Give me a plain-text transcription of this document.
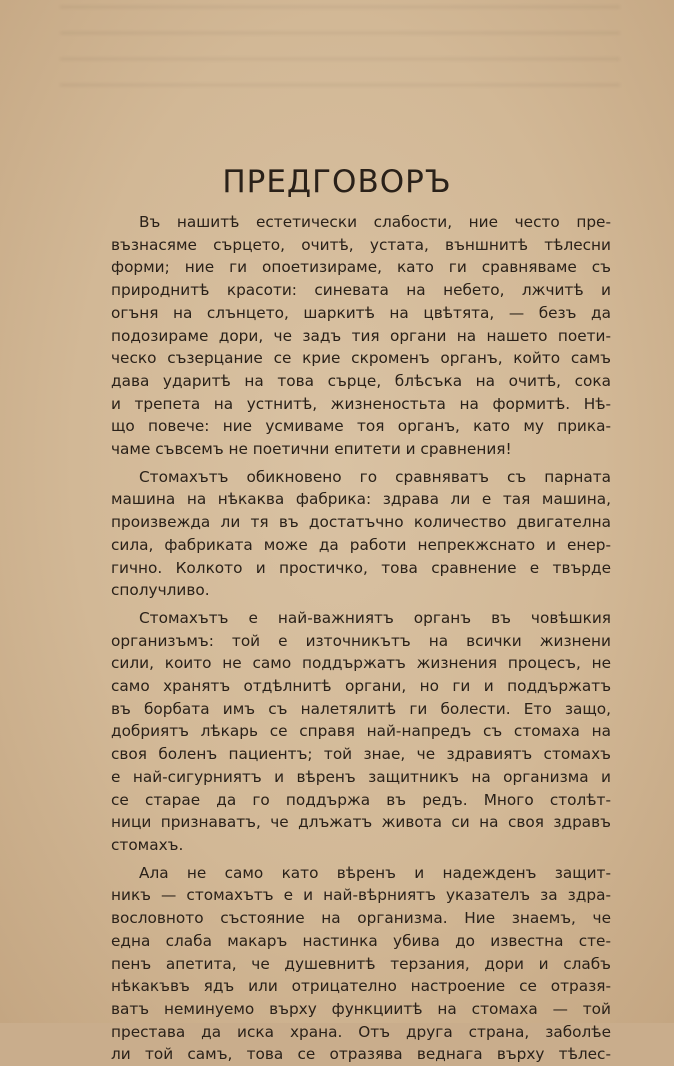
ПРЕДГОВОРЪ
Въ нашитѣ естетически слабости, ние често пре-
възнасяме сърцето, очитѣ, устата, външнитѣ тѣлесни
форми; ние ги опоетизираме, като ги сравняваме съ
природнитѣ красоти: синевата на небето, лжчитѣ и
огъня на слънцето, шаркитѣ на цвѣтята, — безъ да
подозираме дори, че задъ тия органи на нашето поети-
ческо съзерцание се крие скроменъ органъ, който самъ
дава ударитѣ на това сърце, блѣсъка на очитѣ, сока
и трепета на устнитѣ, жизненостьта на формитѣ. Нѣ-
що повече: ние усмиваме тоя органъ, като му прика-
чаме съвсемъ не поетични епитети и сравнения!
Стомахътъ обикновено го сравняватъ съ парната
машина на нѣкаква фабрика: здрава ли е тая машина,
произвежда ли тя въ достатъчно количество двигателна
сила, фабриката може да работи непрекжснато и енер-
гично. Колкото и простичко, това сравнение е твърде
сполучливо.
Стомахътъ е най-важниятъ органъ въ човѣшкия
организъмъ: той е източникътъ на всички жизнени
сили, които не само поддържатъ жизнения процесъ, не
само хранятъ отдѣлнитѣ органи, но ги и поддържатъ
въ борбата имъ съ налетялитѣ ги болести. Ето защо,
добриятъ лѣкарь се справя най-напредъ съ стомаха на
своя боленъ пациентъ; той знае, че здравиятъ стомахъ
е най-сигурниятъ и вѣренъ защитникъ на организма и
се старае да го поддържа въ редъ. Много столѣт-
ници признаватъ, че длъжатъ живота си на своя здравъ
стомахъ.
Ала не само като вѣренъ и надежденъ защит-
никъ — стомахътъ е и най-вѣрниятъ указателъ за здра-
вословното състояние на организма. Ние знаемъ, че
една слаба макаръ настинка убива до известна сте-
пенъ апетита, че душевнитѣ терзания, дори и слабъ
нѣкакъвъ ядъ или отрицателно настроение се отразя-
ватъ неминуемо върху функциитѣ на стомаха — той
престава да иска храна. Отъ друга страна, заболѣе
ли той самъ, това се отразява веднага върху тѣлес-
